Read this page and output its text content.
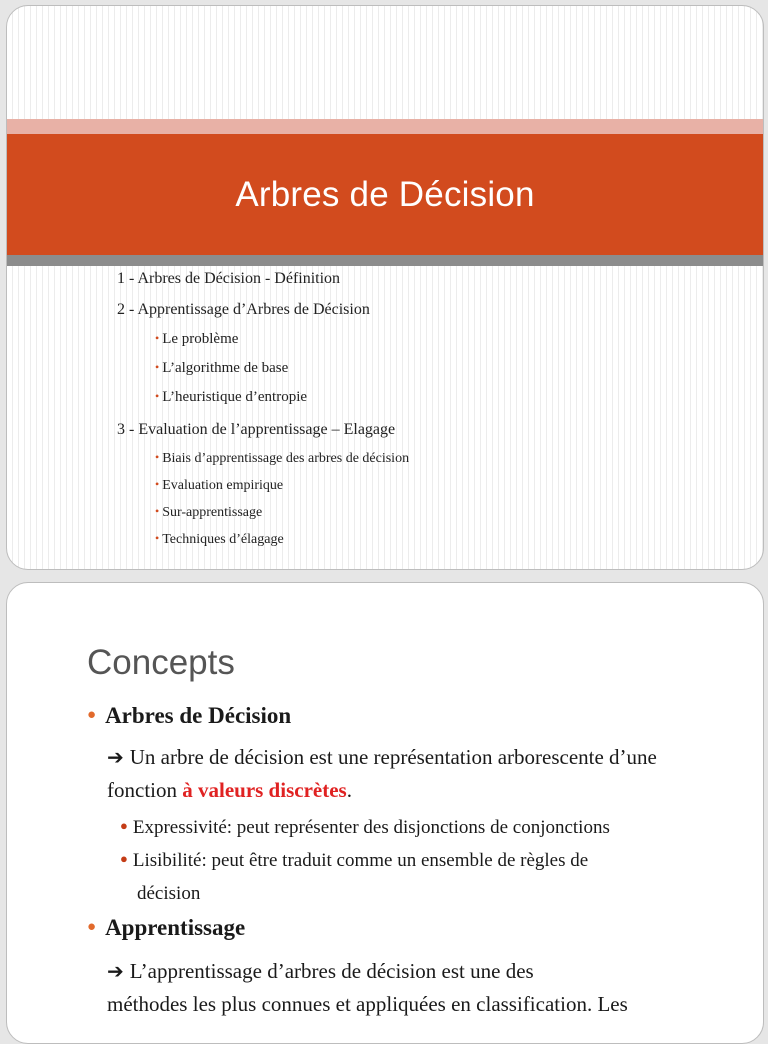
Arbres de Décision
1 - Arbres de Décision - Définition
2 - Apprentissage d’Arbres de Décision
• Le problème
• L’algorithme de base
• L’heuristique d’entropie
3 - Evaluation de l’apprentissage – Elagage
• Biais d’apprentissage des arbres de décision
• Evaluation empirique
• Sur-apprentissage
• Techniques d’élagage
Concepts
● Arbres de Décision
➔ Un arbre de décision est une représentation arborescente d’une fonction à valeurs discrètes.
● Expressivité: peut représenter des disjonctions de conjonctions
● Lisibilité: peut être traduit comme un ensemble de règles de
décision
● Apprentissage
➔ L’apprentissage d’arbres de décision est une des
méthodes les plus connues et appliquées en classification. Les
